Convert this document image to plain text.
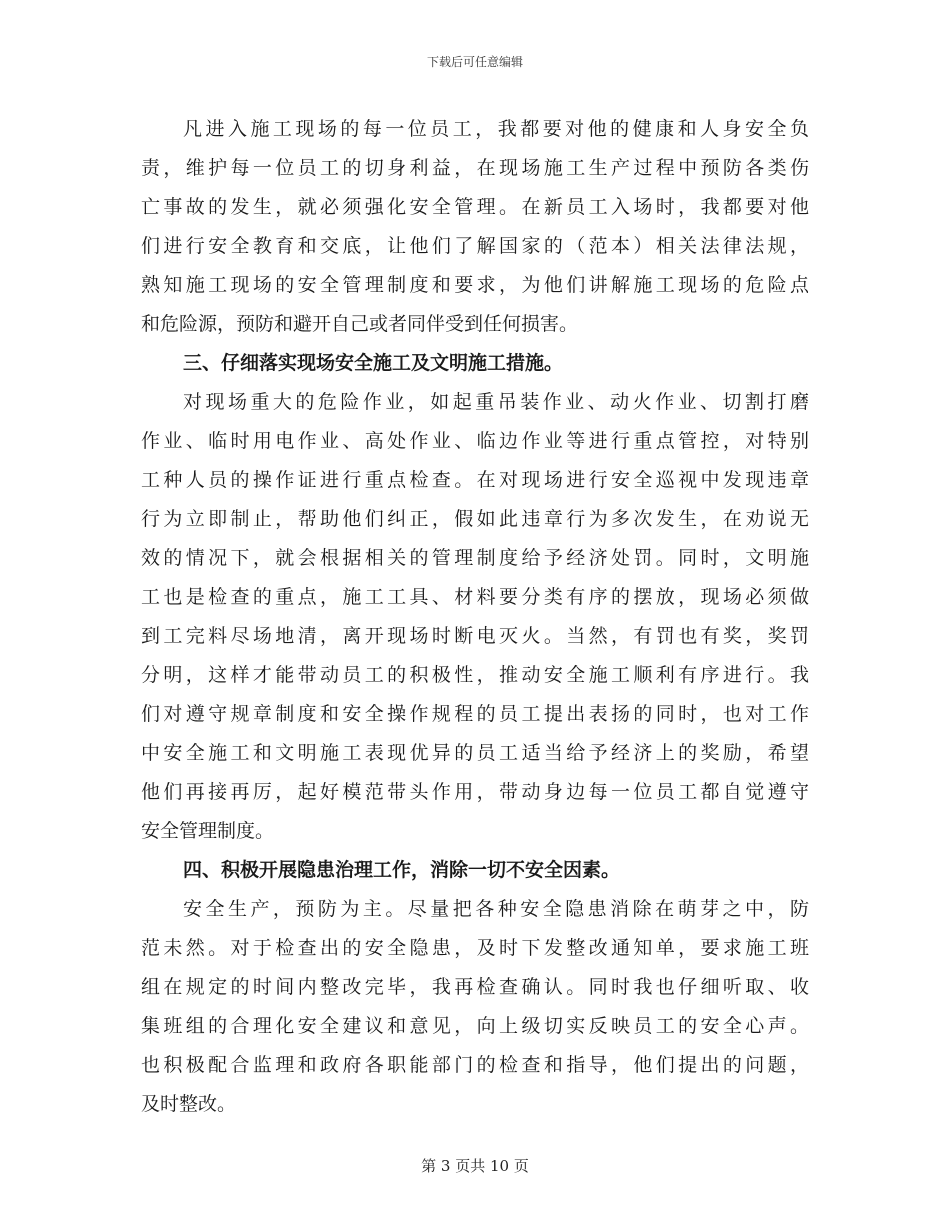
下载后可任意编辑
凡进入施工现场的每一位员工，我都要对他的健康和人身安全负
责，维护每一位员工的切身利益，在现场施工生产过程中预防各类伤
亡事故的发生，就必须强化安全管理。在新员工入场时，我都要对他
们进行安全教育和交底，让他们了解国家的（范本）相关法律法规，
熟知施工现场的安全管理制度和要求，为他们讲解施工现场的危险点
和危险源，预防和避开自己或者同伴受到任何损害。
三、仔细落实现场安全施工及文明施工措施。
对现场重大的危险作业，如起重吊装作业、动火作业、切割打磨
作业、临时用电作业、高处作业、临边作业等进行重点管控，对特别
工种人员的操作证进行重点检查。在对现场进行安全巡视中发现违章
行为立即制止，帮助他们纠正，假如此违章行为多次发生，在劝说无
效的情况下，就会根据相关的管理制度给予经济处罚。同时，文明施
工也是检查的重点，施工工具、材料要分类有序的摆放，现场必须做
到工完料尽场地清，离开现场时断电灭火。当然，有罚也有奖，奖罚
分明，这样才能带动员工的积极性，推动安全施工顺利有序进行。我
们对遵守规章制度和安全操作规程的员工提出表扬的同时，也对工作
中安全施工和文明施工表现优异的员工适当给予经济上的奖励，希望
他们再接再厉，起好模范带头作用，带动身边每一位员工都自觉遵守
安全管理制度。
四、积极开展隐患治理工作，消除一切不安全因素。
安全生产，预防为主。尽量把各种安全隐患消除在萌芽之中，防
范未然。对于检查出的安全隐患，及时下发整改通知单，要求施工班
组在规定的时间内整改完毕，我再检查确认。同时我也仔细听取、收
集班组的合理化安全建议和意见，向上级切实反映员工的安全心声。
也积极配合监理和政府各职能部门的检查和指导，他们提出的问题，
及时整改。
第 3 页共 10 页
